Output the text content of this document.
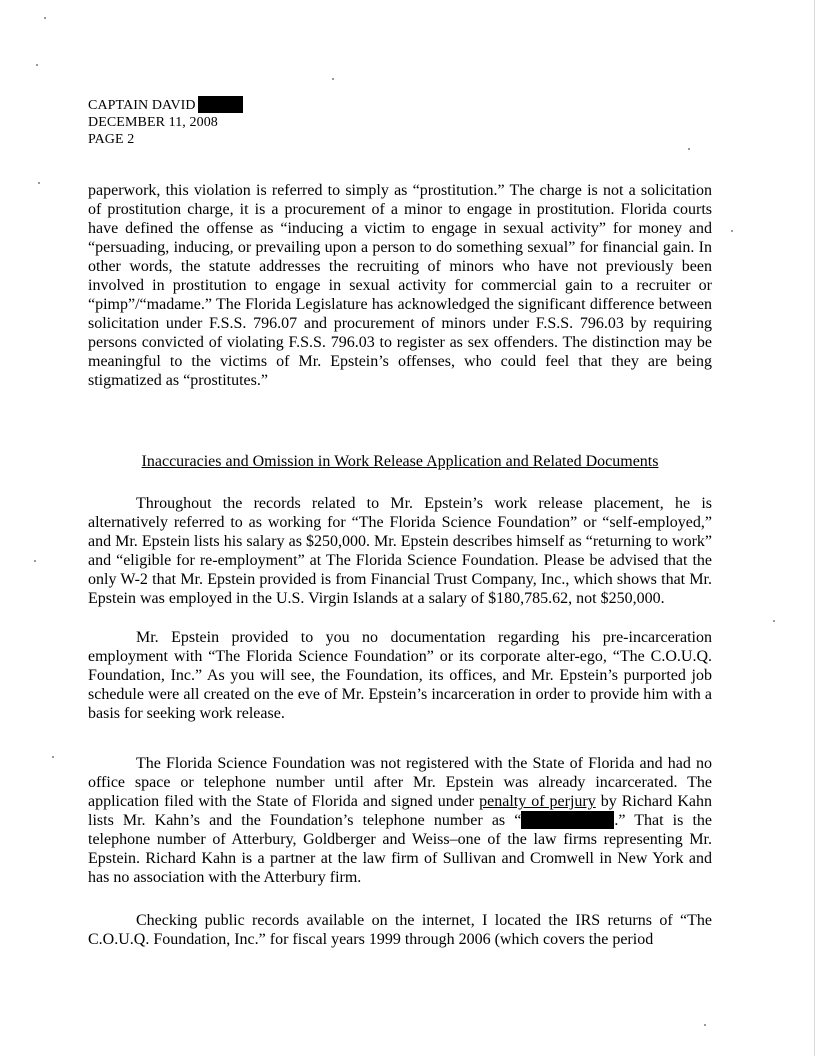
CAPTAIN DAVID
DECEMBER 11, 2008
PAGE 2
paperwork, this violation is referred to simply as “prostitution.” The charge is not a solicitation of prostitution charge, it is a procurement of a minor to engage in prostitution. Florida courts have defined the offense as “inducing a victim to engage in sexual activity” for money and “persuading, inducing, or prevailing upon a person to do something sexual” for financial gain. In other words, the statute addresses the recruiting of minors who have not previously been involved in prostitution to engage in sexual activity for commercial gain to a recruiter or “pimp”/“madame.” The Florida Legislature has acknowledged the significant difference between solicitation under F.S.S. 796.07 and procurement of minors under F.S.S. 796.03 by requiring persons convicted of violating F.S.S. 796.03 to register as sex offenders. The distinction may be meaningful to the victims of Mr. Epstein’s offenses, who could feel that they are being stigmatized as “prostitutes.”
Inaccuracies and Omission in Work Release Application and Related Documents
Throughout the records related to Mr. Epstein’s work release placement, he is alternatively referred to as working for “The Florida Science Foundation” or “self-employed,” and Mr. Epstein lists his salary as $250,000. Mr. Epstein describes himself as “returning to work” and “eligible for re-employment” at The Florida Science Foundation. Please be advised that the only W-2 that Mr. Epstein provided is from Financial Trust Company, Inc., which shows that Mr. Epstein was employed in the U.S. Virgin Islands at a salary of $180,785.62, not $250,000.
Mr. Epstein provided to you no documentation regarding his pre-incarceration employment with “The Florida Science Foundation” or its corporate alter-ego, “The C.O.U.Q. Foundation, Inc.” As you will see, the Foundation, its offices, and Mr. Epstein’s purported job schedule were all created on the eve of Mr. Epstein’s incarceration in order to provide him with a basis for seeking work release.
The Florida Science Foundation was not registered with the State of Florida and had no office space or telephone number until after Mr. Epstein was already incarcerated. The application filed with the State of Florida and signed under penalty of perjury by Richard Kahn lists Mr. Kahn’s and the Foundation’s telephone number as “	.” That is the telephone number of Atterbury, Goldberger and Weiss–one of the law firms representing Mr. Epstein. Richard Kahn is a partner at the law firm of Sullivan and Cromwell in New York and has no association with the Atterbury firm.
Checking public records available on the internet, I located the IRS returns of “The C.O.U.Q. Foundation, Inc.” for fiscal years 1999 through 2006 (which covers the period
